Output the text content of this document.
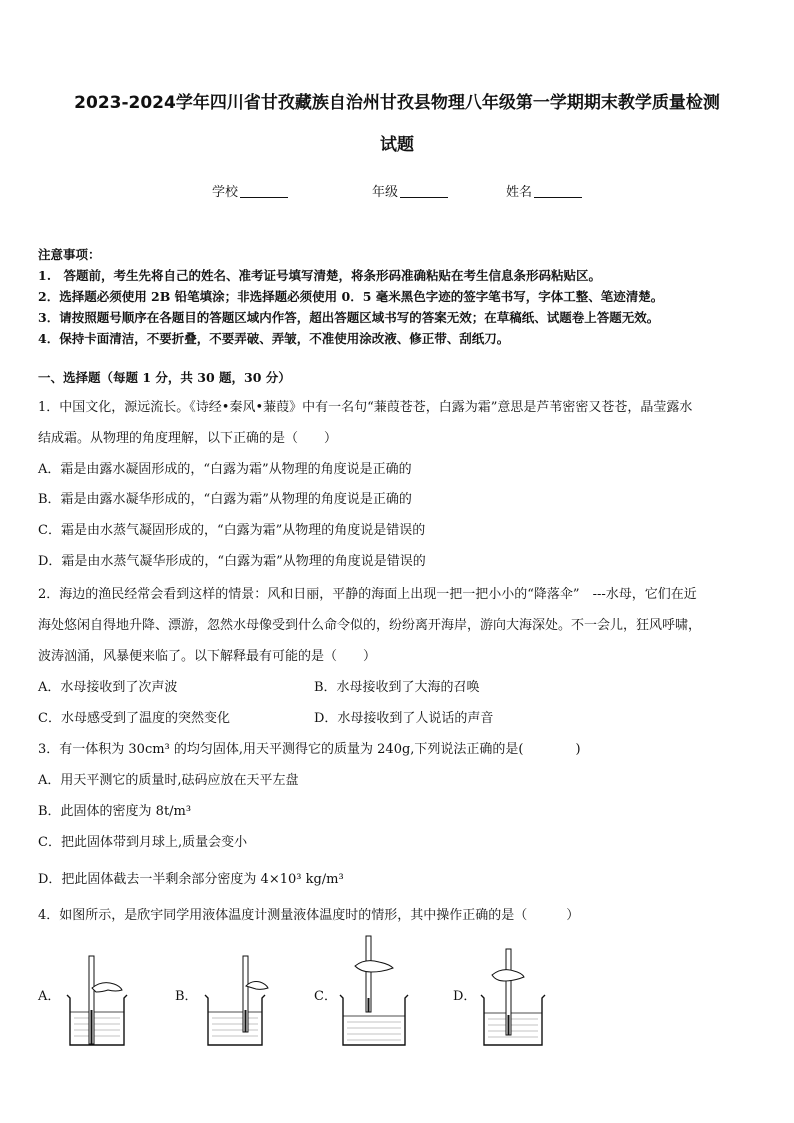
2023-2024学年四川省甘孜藏族自治州甘孜县物理八年级第一学期期末教学质量检测
试题
学校	年级	姓名
注意事项：
1.　答题前，考生先将自己的姓名、准考证号填写清楚，将条形码准确粘贴在考生信息条形码粘贴区。
2．选择题必须使用 2B 铅笔填涂；非选择题必须使用 0．5 毫米黑色字迹的签字笔书写，字体工整、笔迹清楚。
3．请按照题号顺序在各题目的答题区域内作答，超出答题区域书写的答案无效；在草稿纸、试题卷上答题无效。
4．保持卡面清洁，不要折叠，不要弄破、弄皱，不准使用涂改液、修正带、刮纸刀。
一、选择题（每题 1 分，共 30 题，30 分）
1．中国文化，源远流长。《诗经•秦风•蒹葭》中有一名句“蒹葭苍苍，白露为霜”意思是芦苇密密又苍苍，晶莹露水
结成霜。从物理的角度理解，以下正确的是（　　）
A．霜是由露水凝固形成的，“白露为霜”从物理的角度说是正确的
B．霜是由露水凝华形成的，“白露为霜”从物理的角度说是正确的
C．霜是由水蒸气凝固形成的，“白露为霜”从物理的角度说是错误的
D．霜是由水蒸气凝华形成的，“白露为霜”从物理的角度说是错误的
2．海边的渔民经常会看到这样的情景：风和日丽，平静的海面上出现一把一把小小的“降落伞”　---水母，它们在近
海处悠闲自得地升降、漂游，忽然水母像受到什么命令似的，纷纷离开海岸，游向大海深处。不一会儿，狂风呼啸，
波涛汹涌，风暴便来临了。以下解释最有可能的是（　　）
A．水母接收到了次声波	B．水母接收到了大海的召唤
C．水母感受到了温度的突然变化	D．水母接收到了人说话的声音
3．有一体积为 30cm³ 的均匀固体,用天平测得它的质量为 240g,下列说法正确的是(　　　　)
A．用天平测它的质量时,砝码应放在天平左盘
B．此固体的密度为 8t/m³
C．把此固体带到月球上,质量会变小
D．把此固体截去一半剩余部分密度为 4×10³ kg/m³
4．如图所示，是欣宇同学用液体温度计测量液体温度时的情形，其中操作正确的是（　　　）
A．	B．	C．	D．
